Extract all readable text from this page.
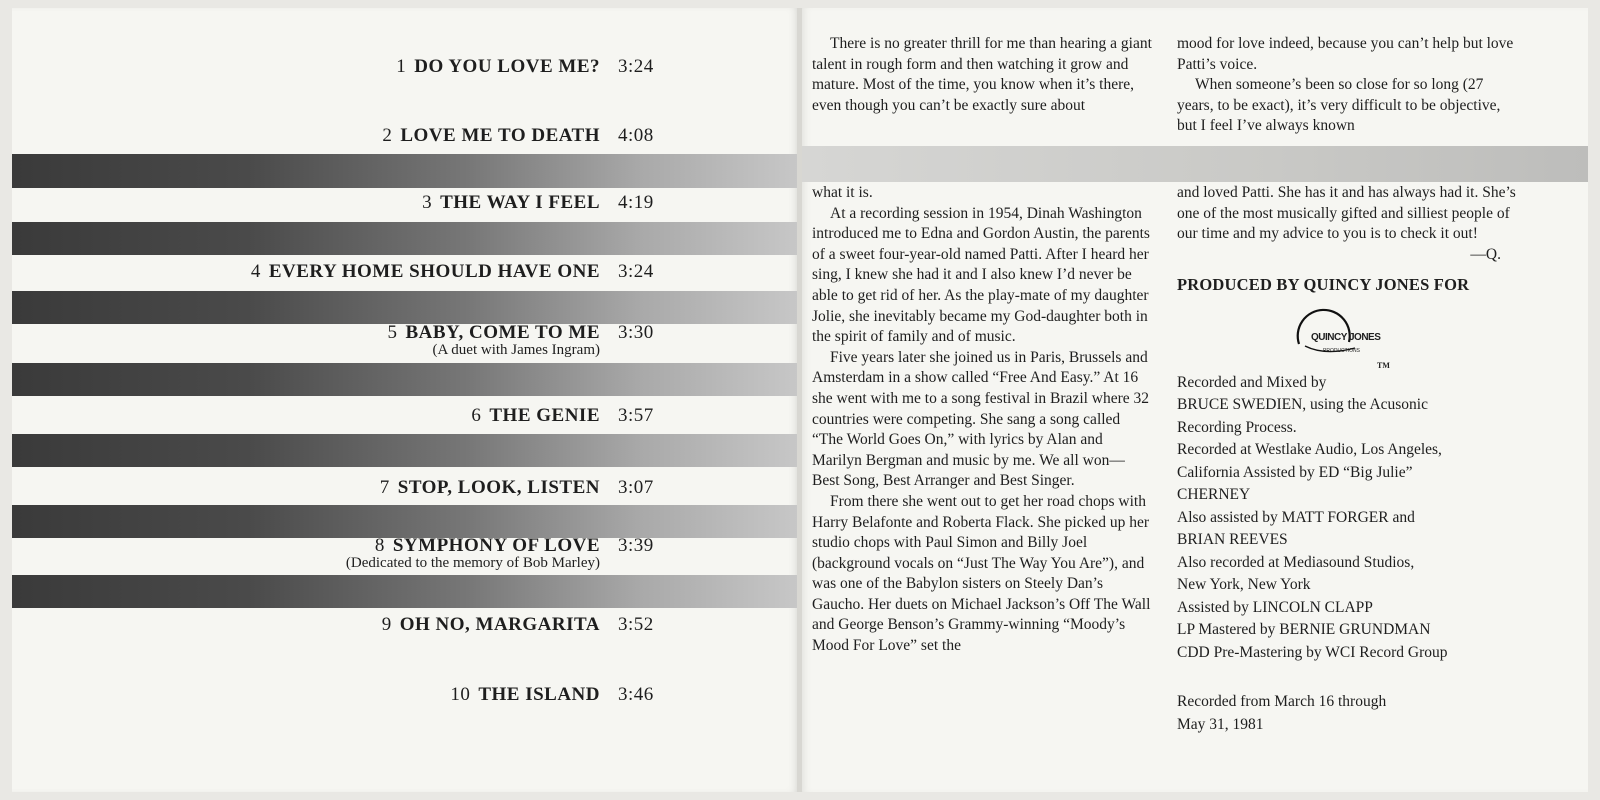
1 DO YOU LOVE ME? 3:24
2 LOVE ME TO DEATH 4:08
3 THE WAY I FEEL 4:19
4 EVERY HOME SHOULD HAVE ONE 3:24
5 BABY, COME TO ME 3:30
(A duet with James Ingram)
6 THE GENIE 3:57
7 STOP, LOOK, LISTEN 3:07
8 SYMPHONY OF LOVE 3:39
(Dedicated to the memory of Bob Marley)
9 OH NO, MARGARITA 3:52
10 THE ISLAND 3:46

There is no greater thrill for me than hearing a giant talent in rough form and then watching it grow and mature. Most of the time, you know when it’s there, even though you can’t be exactly sure about

what it is.

At a recording session in 1954, Dinah Washington introduced me to Edna and Gordon Austin, the parents of a sweet four-year-old named Patti. After I heard her sing, I knew she had it and I also knew I’d never be able to get rid of her. As the play-mate of my daughter Jolie, she inevitably became my God-daughter both in the spirit of family and of music.

Five years later she joined us in Paris, Brussels and Amsterdam in a show called “Free And Easy.” At 16 she went with me to a song festival in Brazil where 32 countries were competing. She sang a song called “The World Goes On,” with lyrics by Alan and Marilyn Bergman and music by me. We all won—Best Song, Best Arranger and Best Singer.

From there she went out to get her road chops with Harry Belafonte and Roberta Flack. She picked up her studio chops with Paul Simon and Billy Joel (background vocals on “Just The Way You Are”), and was one of the Babylon sisters on Steely Dan’s Gaucho. Her duets on Michael Jackson’s Off The Wall and George Benson’s Grammy-winning “Moody’s Mood For Love” set the

mood for love indeed, because you can’t help but love Patti’s voice.

When someone’s been so close for so long (27 years, to be exact), it’s very difficult to be objective, but I feel I’ve always known

and loved Patti. She has it and has always had it. She’s one of the most musically gifted and silliest people of our time and my advice to you is to check it out!

—Q.
PRODUCED BY QUINCY JONES FOR
QUINCY JONES
PRODUCTIONS
TM

Recorded and Mixed by

BRUCE SWEDIEN, using the Acusonic

Recording Process.

Recorded at Westlake Audio, Los Angeles,

California Assisted by ED “Big Julie”

CHERNEY

Also assisted by MATT FORGER and

BRIAN REEVES

Also recorded at Mediasound Studios,

New York, New York

Assisted by LINCOLN CLAPP

LP Mastered by BERNIE GRUNDMAN

CDD Pre-Mastering by WCI Record Group

Recorded from March 16 through

May 31, 1981
